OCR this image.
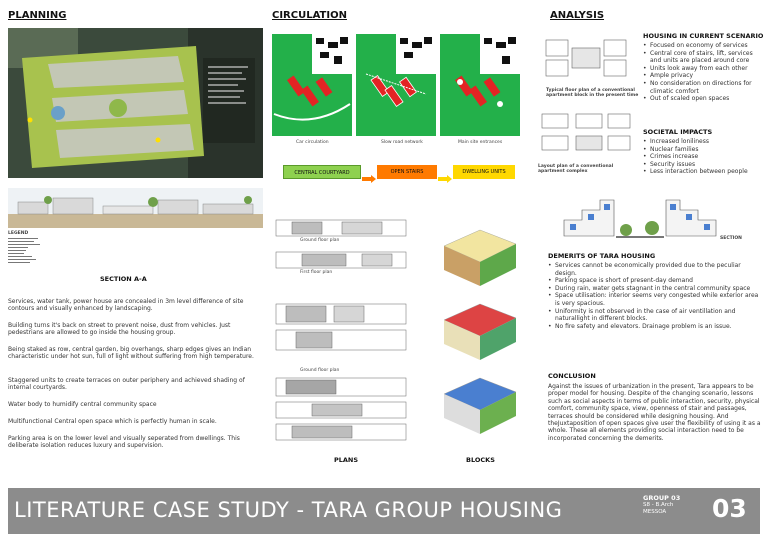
PLANNING
LEGEND
SECTION A-A
Services, water tank, power house are concealed in 3m level difference of site contours and visually enhanced by landscaping.
Building turns it's back on street to prevent noise, dust from vehicles. Just pedestrians are allowed to go inside the housing group.
Being staked as row, central garden, big overhangs, sharp edges gives an Indian characteristic under hot sun, full of light without suffering from high temperature.
Staggered units to create terraces on outer periphery and achieved shading of internal courtyards.
Water body to humidify central community space
Multifunctional Central open space which is perfectly human in scale.
Parking area is on the lower level and visually seperated from dwellings. This deliberate isolation reduces luxury and supervision.
CIRCULATION
Car circulation	Slow road network	Main site entrances
CENTRAL COURTYARD	OPEN STAIRS	DWELLING UNITS
Ground floor plan
First floor plan
Ground floor plan
PLANS	BLOCKS
ANALYSIS
Typical floor plan of a conventional apartment block in the present time
Layout plan of a conventional apartment complex
HOUSING IN CURRENT SCENARIO
• Focused on economy of services
• Central core of stairs, lift, services and units are placed around core
• Units look away from each other
• Ample privacy
• No consideration on directions for climatic comfort
• Out of scaled open spaces
SOCIETAL IMPACTS
• Increased loniliness
• Nuclear families
• Crimes increase
• Security issues
• Less interaction between people
SECTION
DEMERITS OF TARA HOUSING
• Services cannot be economically provided due to the peculiar design.
• Parking space is short of present-day demand
• During rain, water gets stagnant in the central community space
• Space utilisation: interior seems very congested while exterior area is very spacious.
• Uniformity is not observed in the case of air ventillation and naturallight in different blocks.
• No fire safety and elevators. Drainage problem is an issue.
CONCLUSION
Against the issues of urbanization in the present, Tara appears to be proper model for housing. Despite of the changing scenario, lessons such as social aspects in terms of public interaction, security, physical comfort, community space, view, openness of stair and passages, terraces should be considered while designing housing. And theJuxtaposition of open spaces give user the flexibility of using it as a whole. These all elements providing social interaction need to be incorporated concerning the demerits.
LITERATURE CASE STUDY - TARA GROUP HOUSING	GROUP 03
S8 - B.Arch
MESSOA	03
